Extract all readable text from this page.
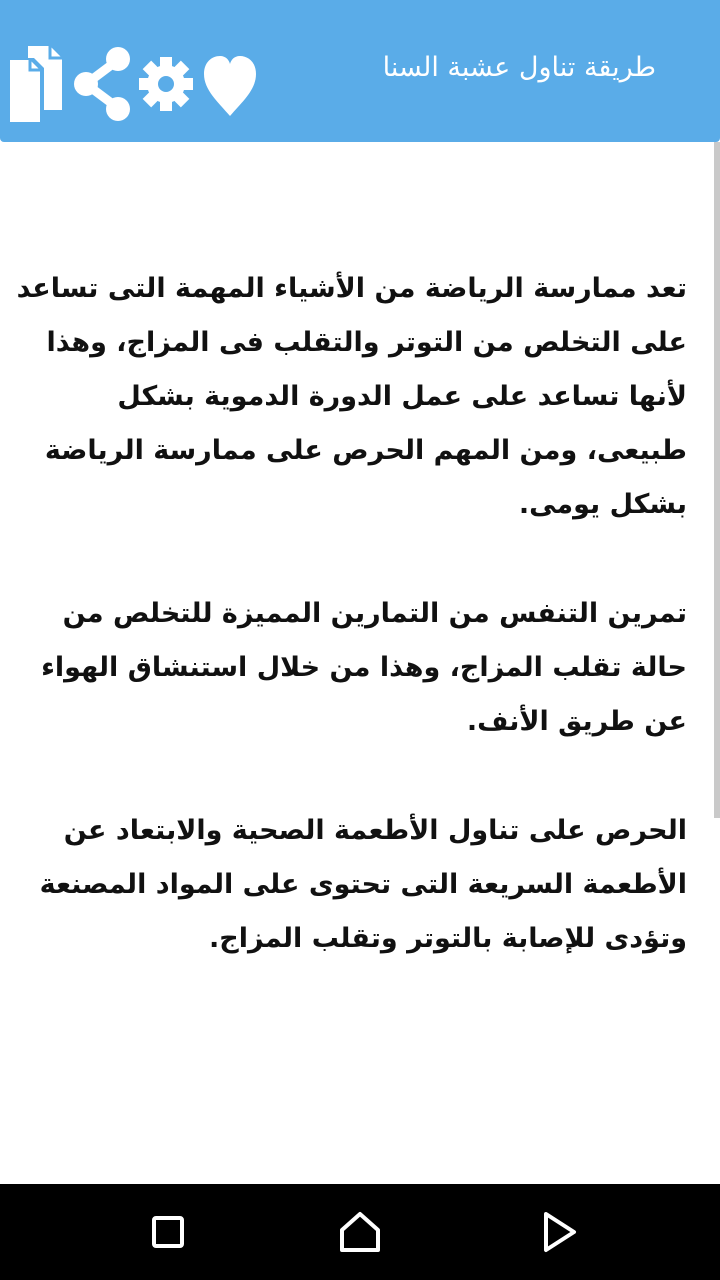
طريقة تناول عشبة السنا

تعد ممارسة الرياضة من الأشياء المهمة التى تساعد على التخلص من التوتر والتقلب فى المزاج، وهذا لأنها تساعد على عمل الدورة الدموية بشكل طبيعى، ومن المهم الحرص على ممارسة الرياضة بشكل يومى.

تمرين التنفس من التمارين المميزة للتخلص من حالة تقلب المزاج، وهذا من خلال استنشاق الهواء عن طريق الأنف.

الحرص على تناول الأطعمة الصحية والابتعاد عن الأطعمة السريعة التى تحتوى على المواد المصنعة وتؤدى للإصابة بالتوتر وتقلب المزاج.
